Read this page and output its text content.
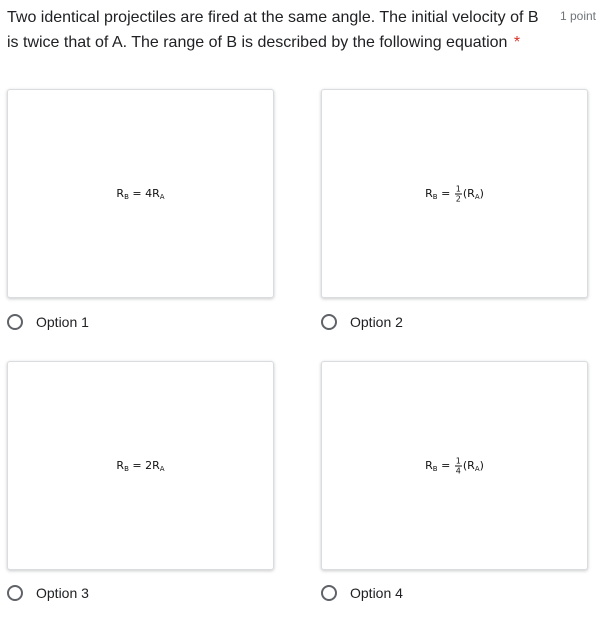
Two identical projectiles are fired at the same angle. The initial velocity of B is twice that of A. The range of B is described by the following equation *
1 point
$R_B = 4R_A$
Option 1
$R_B = \frac{1}{2} (R_A)$
Option 2
$R_B = 2R_A$
Option 3
$R_B = \frac{1}{4} (R_A)$
Option 4
